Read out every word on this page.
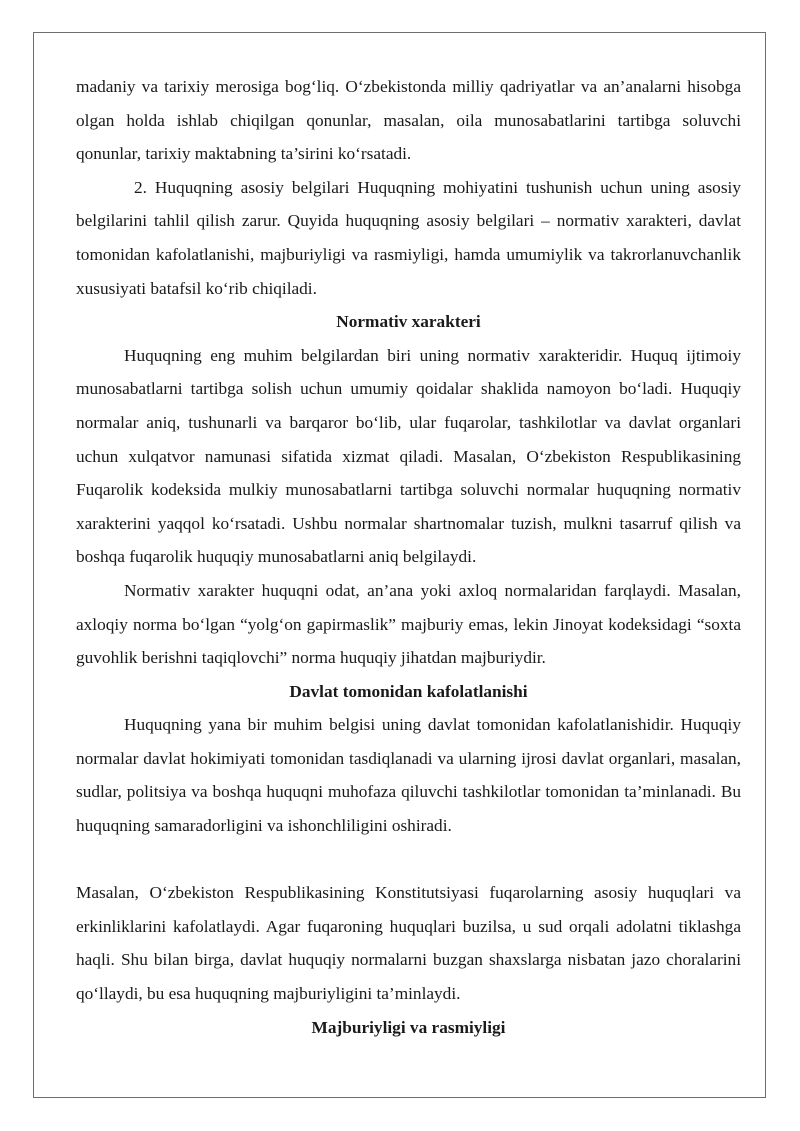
madaniy va tarixiy merosiga bog‘liq. O‘zbekistonda milliy qadriyatlar va an’analarni hisobga olgan holda ishlab chiqilgan qonunlar, masalan, oila munosabatlarini tartibga soluvchi qonunlar, tarixiy maktabning ta’sirini ko‘rsatadi.

2. Huquqning asosiy belgilari Huquqning mohiyatini tushunish uchun uning asosiy belgilarini tahlil qilish zarur. Quyida huquqning asosiy belgilari – normativ xarakteri, davlat tomonidan kafolatlanishi, majburiyligi va rasmiyligi, hamda umumiylik va takrorlanuvchanlik xususiyati batafsil ko‘rib chiqiladi.

Normativ xarakteri

Huquqning eng muhim belgilardan biri uning normativ xarakteridir. Huquq ijtimoiy munosabatlarni tartibga solish uchun umumiy qoidalar shaklida namoyon bo‘ladi. Huquqiy normalar aniq, tushunarli va barqaror bo‘lib, ular fuqarolar, tashkilotlar va davlat organlari uchun xulqatvor namunasi sifatida xizmat qiladi. Masalan, O‘zbekiston Respublikasining Fuqarolik kodeksida mulkiy munosabatlarni tartibga soluvchi normalar huquqning normativ xarakterini yaqqol ko‘rsatadi. Ushbu normalar shartnomalar tuzish, mulkni tasarruf qilish va boshqa fuqarolik huquqiy munosabatlarni aniq belgilaydi.

Normativ xarakter huquqni odat, an’ana yoki axloq normalaridan farqlaydi. Masalan, axloqiy norma bo‘lgan “yolg‘on gapirmaslik” majburiy emas, lekin Jinoyat kodeksidagi “soxta guvohlik berishni taqiqlovchi” norma huquqiy jihatdan majburiydir.

Davlat tomonidan kafolatlanishi

Huquqning yana bir muhim belgisi uning davlat tomonidan kafolatlanishidir. Huquqiy normalar davlat hokimiyati tomonidan tasdiqlanadi va ularning ijrosi davlat organlari, masalan, sudlar, politsiya va boshqa huquqni muhofaza qiluvchi tashkilotlar tomonidan ta’minlanadi. Bu huquqning samaradorligini va ishonchliligini oshiradi.

Masalan, O‘zbekiston Respublikasining Konstitutsiyasi fuqarolarning asosiy huquqlari va erkinliklarini kafolatlaydi. Agar fuqaroning huquqlari buzilsa, u sud orqali adolatni tiklashga haqli. Shu bilan birga, davlat huquqiy normalarni buzgan shaxslarga nisbatan jazo choralarini qo‘llaydi, bu esa huquqning majburiyligini ta’minlaydi.

Majburiyligi va rasmiyligi
